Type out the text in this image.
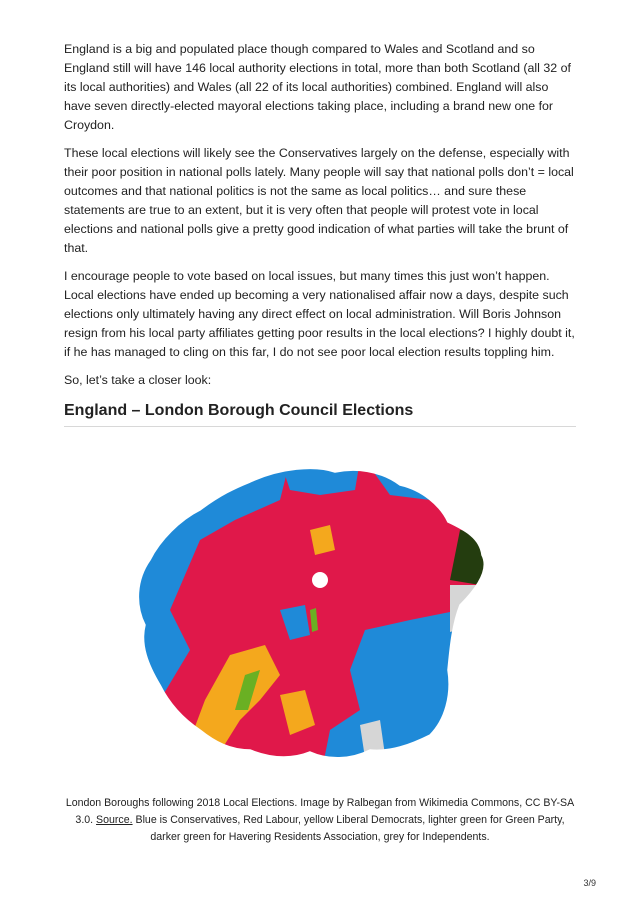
England is a big and populated place though compared to Wales and Scotland and so England still will have 146 local authority elections in total, more than both Scotland (all 32 of its local authorities) and Wales (all 22 of its local authorities) combined. England will also have seven directly-elected mayoral elections taking place, including a brand new one for Croydon.

These local elections will likely see the Conservatives largely on the defense, especially with their poor position in national polls lately. Many people will say that national polls don’t = local outcomes and that national politics is not the same as local politics… and sure these statements are true to an extent, but it is very often that people will protest vote in local elections and national polls give a pretty good indication of what parties will take the brunt of that.

I encourage people to vote based on local issues, but many times this just won’t happen. Local elections have ended up becoming a very nationalised affair now a days, despite such elections only ultimately having any direct effect on local administration. Will Boris Johnson resign from his local party affiliates getting poor results in the local elections? I highly doubt it, if he has managed to cling on this far, I do not see poor local election results toppling him.

So, let’s take a closer look:

England – London Borough Council Elections
London Boroughs following 2018 Local Elections. Image by Ralbegan from Wikimedia Commons, CC BY-SA 3.0. Source. Blue is Conservatives, Red Labour, yellow Liberal Democrats, lighter green for Green Party, darker green for Havering Residents Association, grey for Independents.
3/9
